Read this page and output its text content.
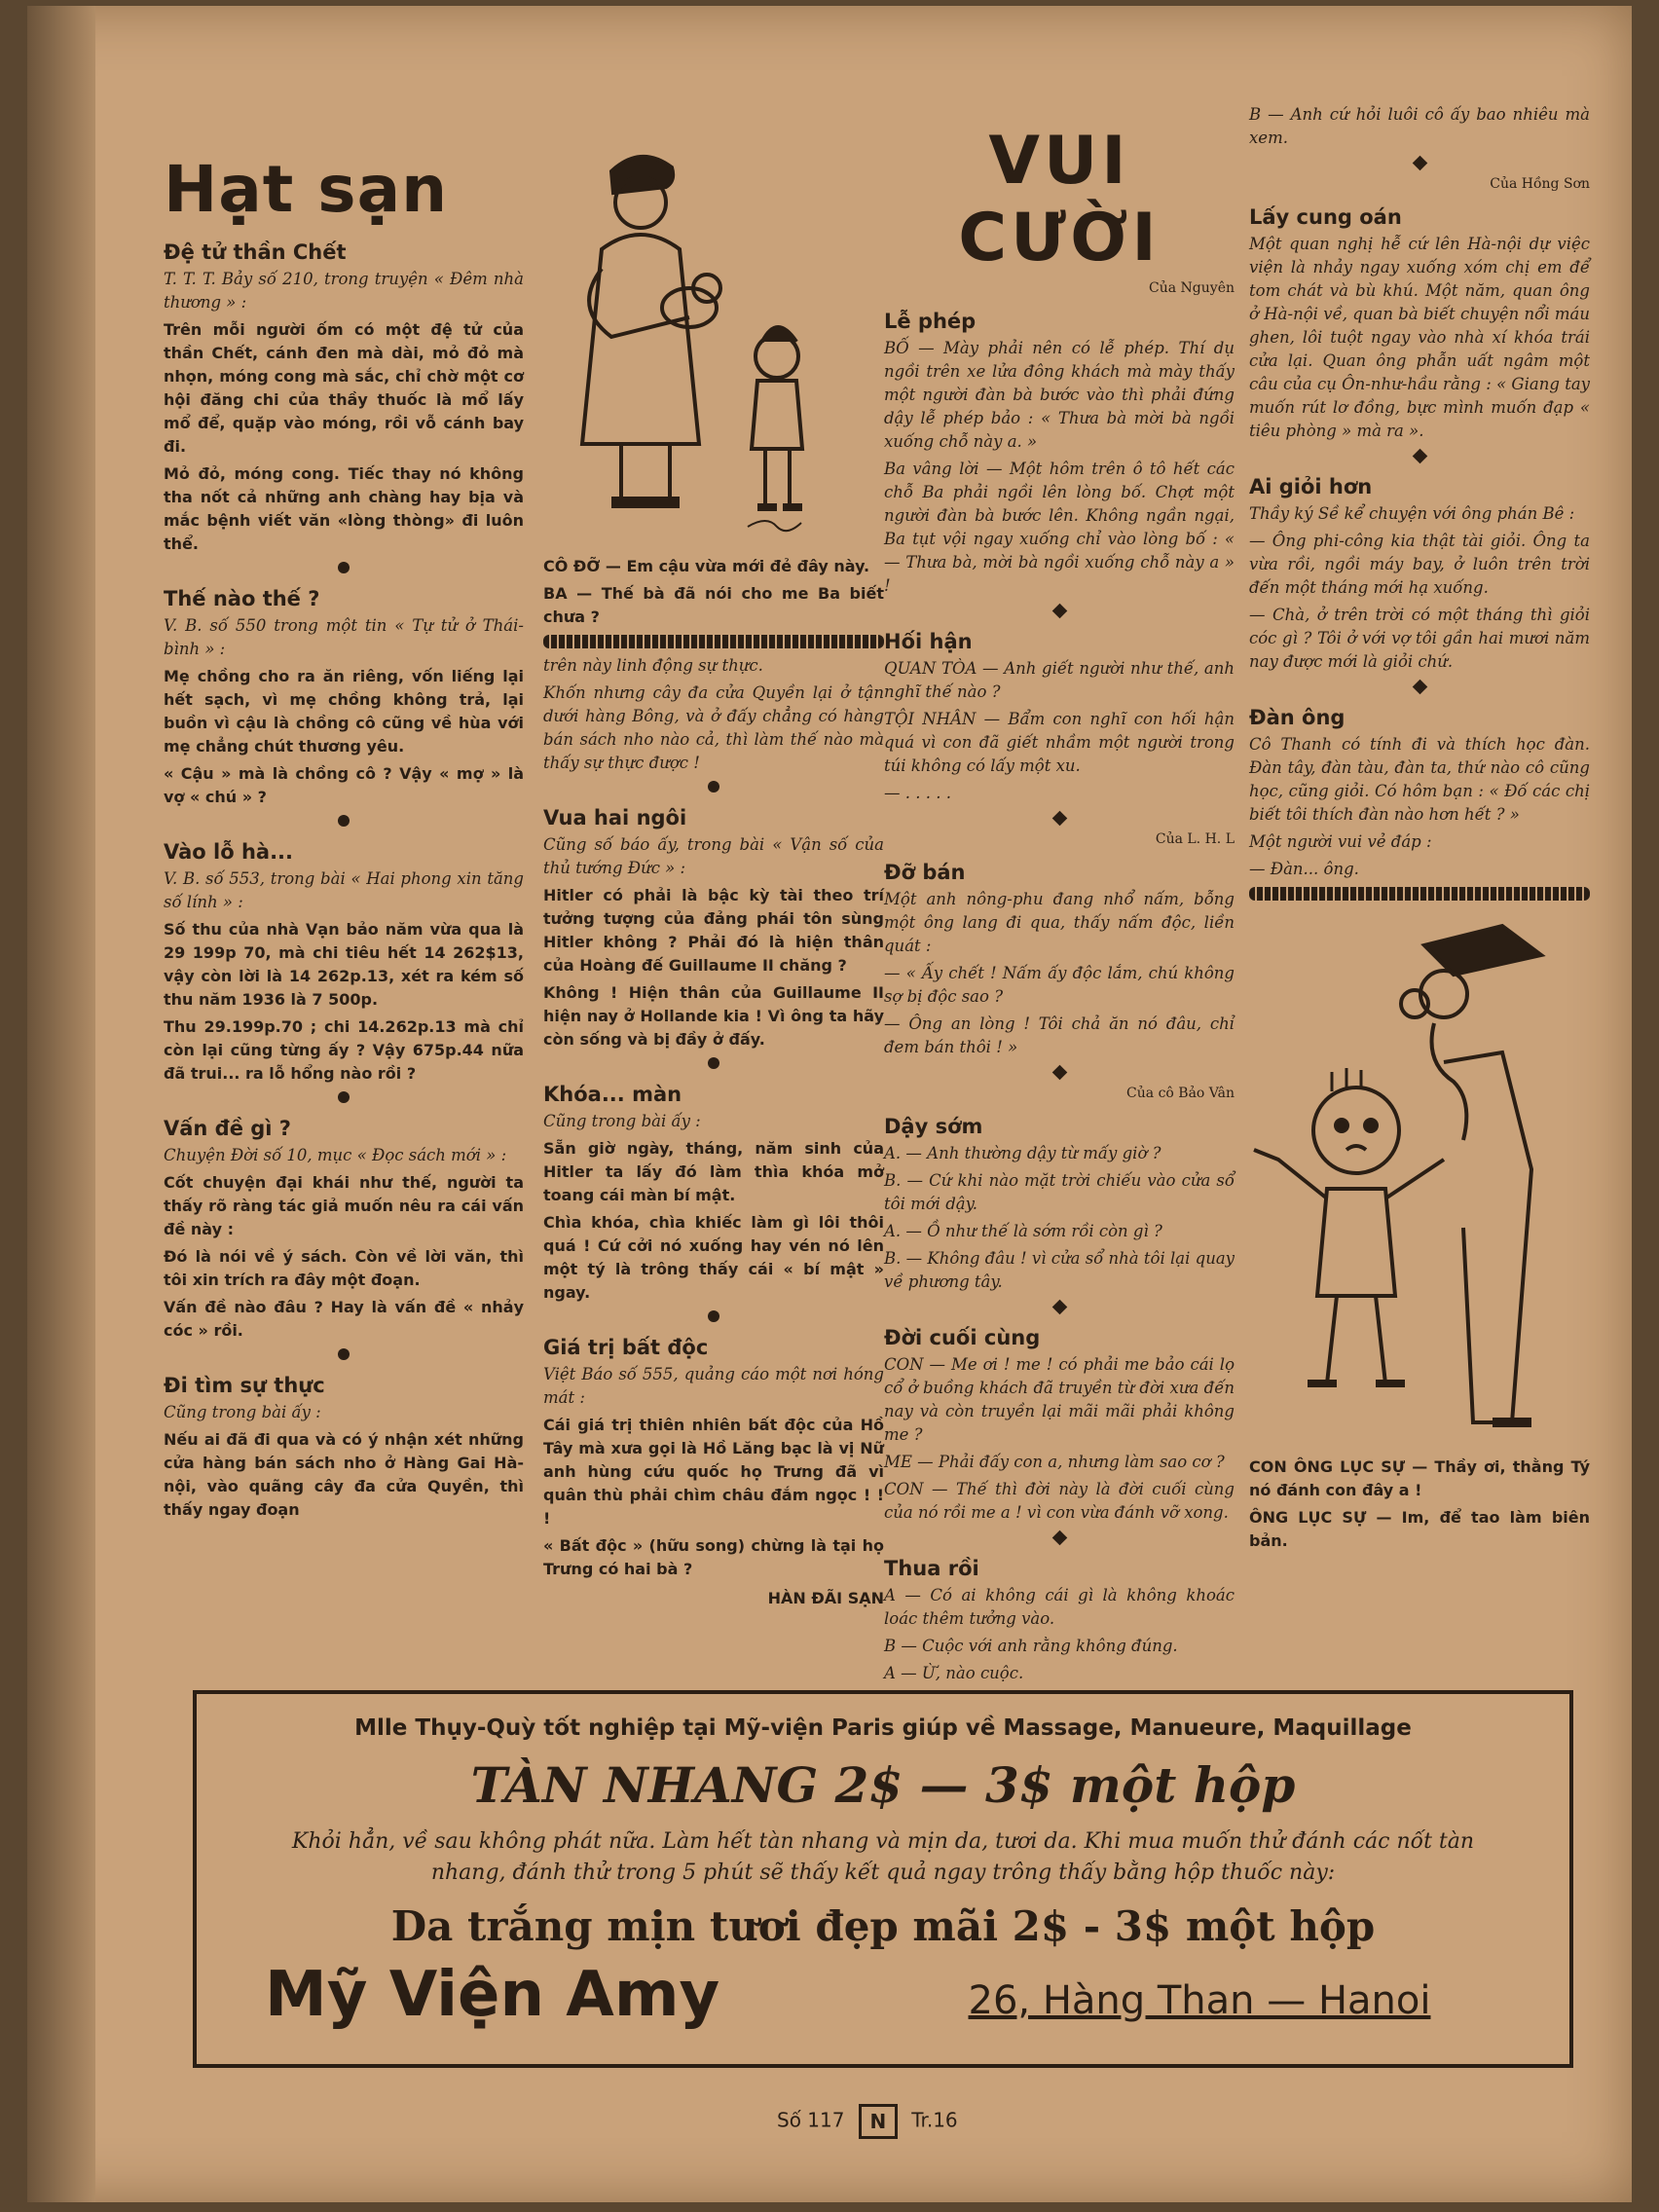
Hạt sạn
Đệ tử thần Chết

T. T. T. Bảy số 210, trong truyện « Đêm nhà thương » :

Trên mỗi người ốm có một đệ tử của thần Chết, cánh đen mà dài, mỏ đỏ mà nhọn, móng cong mà sắc, chỉ chờ một cơ hội đăng chi của thầy thuốc là mổ lấy mổ để, quặp vào móng, rồi vỗ cánh bay đi.

Mỏ đỏ, móng cong. Tiếc thay nó không tha nốt cả những anh chàng hay bịa và mắc bệnh viết văn «lòng thòng» đi luôn thể.

Thế nào thế ?

V. B. số 550 trong một tin « Tự tử ở Thái-bình » :

Mẹ chồng cho ra ăn riêng, vốn liếng lại hết sạch, vì mẹ chồng không trả, lại buồn vì cậu là chồng cô cũng về hùa với mẹ chẳng chút thương yêu.

« Cậu » mà là chồng cô ? Vậy « mợ » là vợ « chú » ?

Vào lỗ hà...

V. B. số 553, trong bài « Hai phong xin tăng số lính » :

Số thu của nhà Vạn bảo năm vừa qua là 29 199p 70, mà chi tiêu hết 14 262$13, vậy còn lời là 14 262p.13, xét ra kém số thu năm 1936 là 7 500p.

Thu 29.199p.70 ; chi 14.262p.13 mà chỉ còn lại cũng từng ấy ? Vậy 675p.44 nữa đã trui... ra lỗ hổng nào rồi ?

Vấn đề gì ?

Chuyện Đời số 10, mục « Đọc sách mới » :

Cốt chuyện đại khái như thế, người ta thấy rõ ràng tác giả muốn nêu ra cái vấn đề này :

Đó là nói về ý sách. Còn về lời văn, thì tôi xin trích ra đây một đoạn.

Vấn đề nào đâu ? Hay là vấn đề « nhảy cóc » rồi.

Đi tìm sự thực

Cũng trong bài ấy :

Nếu ai đã đi qua và có ý nhận xét những cửa hàng bán sách nho ở Hàng Gai Hà-nội, vào quãng cây đa cửa Quyền, thì thấy ngay đoạn

CÔ ĐỠ — Em cậu vừa mới đẻ đây này.

BA — Thế bà đã nói cho me Ba biết chưa ?

trên này linh động sự thực.

Khốn nhưng cây đa cửa Quyền lại ở tận dưới hàng Bông, và ở đấy chẳng có hàng bán sách nho nào cả, thì làm thế nào mà thấy sự thực được !

Vua hai ngôi

Cũng số báo ấy, trong bài « Vận số của thủ tướng Đức » :

Hitler có phải là bậc kỳ tài theo trí tưởng tượng của đảng phái tôn sùng Hitler không ? Phải đó là hiện thân của Hoàng đế Guillaume II chăng ?

Không ! Hiện thân của Guillaume II hiện nay ở Hollande kia ! Vì ông ta hãy còn sống và bị đầy ở đấy.

Khóa... màn

Cũng trong bài ấy :

Sẵn giờ ngày, tháng, năm sinh của Hitler ta lấy đó làm thìa khóa mở toang cái màn bí mật.

Chìa khóa, chìa khiếc làm gì lôi thôi quá ! Cứ cởi nó xuống hay vén nó lên một tý là trông thấy cái « bí mật » ngay.

Giá trị bất độc

Việt Báo số 555, quảng cáo một nơi hóng mát :

Cái giá trị thiên nhiên bất độc của Hồ Tây mà xưa gọi là Hồ Lăng bạc là vị Nữ anh hùng cứu quốc họ Trưng đã vì quân thù phải chìm châu đắm ngọc ! ! !

« Bất độc » (hữu song) chừng là tại họ Trưng có hai bà ?

HÀN ĐÃI SẠN

VUI CƯỜI
Của Nguyên
Lễ phép

BỐ — Mày phải nên có lễ phép. Thí dụ ngồi trên xe lửa đông khách mà mày thấy một người đàn bà bước vào thì phải đứng dậy lễ phép bảo : « Thưa bà mời bà ngồi xuống chỗ này a. »

Ba vâng lời — Một hôm trên ô tô hết các chỗ Ba phải ngồi lên lòng bố. Chợt một người đàn bà bước lên. Không ngần ngại, Ba tụt vội ngay xuống chỉ vào lòng bố : « — Thưa bà, mời bà ngồi xuống chỗ này a » !

Hối hận

QUAN TÒA — Anh giết người như thế, anh nghĩ thế nào ?

TỘI NHÂN — Bẩm con nghĩ con hối hận quá vì con đã giết nhầm một người trong túi không có lấy một xu.

— . . . . .

Của L. H. L
Đỡ bán

Một anh nông-phu đang nhổ nấm, bỗng một ông lang đi qua, thấy nấm độc, liền quát :

— « Ấy chết ! Nấm ấy độc lắm, chú không sợ bị độc sao ?

— Ông an lòng ! Tôi chả ăn nó đâu, chỉ đem bán thôi ! »

Của cô Bảo Vân
Dậy sớm

A. — Anh thường dậy từ mấy giờ ?

B. — Cứ khi nào mặt trời chiếu vào cửa sổ tôi mới dậy.

A. — Ồ như thế là sớm rồi còn gì ?

B. — Không đâu ! vì cửa sổ nhà tôi lại quay về phương tây.

Đời cuối cùng

CON — Me ơi ! me ! có phải me bảo cái lọ cổ ở buồng khách đã truyền từ đời xưa đến nay và còn truyền lại mãi mãi phải không me ?

ME — Phải đấy con a, nhưng làm sao cơ ?

CON — Thế thì đời này là đời cuối cùng của nó rồi me a ! vì con vừa đánh vỡ xong.

Thua rồi

A — Có ai không cái gì là không khoác loác thêm tưởng vào.

B — Cuộc với anh rằng không đúng.

A — Ừ, nào cuộc.

B — Anh cứ hỏi luôi cô ấy bao nhiêu mà xem.

Của Hồng Sơn
Lấy cung oán

Một quan nghị hễ cứ lên Hà-nội dự việc viện là nhảy ngay xuống xóm chị em để tom chát và bù khú. Một năm, quan ông ở Hà-nội về, quan bà biết chuyện nổi máu ghen, lôi tuột ngay vào nhà xí khóa trái cửa lại. Quan ông phẫn uất ngâm một câu của cụ Ôn-như-hầu rằng : « Giang tay muốn rút lơ đồng, bực mình muốn đạp « tiêu phòng » mà ra ».

Ai giỏi hơn

Thầy ký Sề kể chuyện với ông phán Bê :

— Ông phi-công kia thật tài giỏi. Ông ta vừa rồi, ngồi máy bay, ở luôn trên trời đến một tháng mới hạ xuống.

— Chà, ở trên trời có một tháng thì giỏi cóc gì ? Tôi ở với vợ tôi gần hai mươi năm nay được mới là giỏi chứ.

Đàn ông

Cô Thanh có tính đi và thích học đàn. Đàn tây, đàn tàu, đàn ta, thứ nào cô cũng học, cũng giỏi. Có hôm bạn : « Đố các chị biết tôi thích đàn nào hơn hết ? »

Một người vui vẻ đáp :

— Đàn... ông.

CON ÔNG LỤC SỰ — Thầy ơi, thằng Tý nó đánh con đây a !

ÔNG LỤC SỰ — Im, để tao làm biên bản.

Mlle Thụy-Quỳ tốt nghiệp tại Mỹ-viện Paris giúp về Massage, Manueure, Maquillage
TÀN NHANG 2$ — 3$ một hộp
Khỏi hẳn, về sau không phát nữa. Làm hết tàn nhang và mịn da, tươi da. Khi mua muốn thử đánh các nốt tàn nhang, đánh thử trong 5 phút sẽ thấy kết quả ngay trông thấy bằng hộp thuốc này:
Da trắng mịn tươi đẹp mãi 2$ - 3$ một hộp
Mỹ Viện Amy	26, Hàng Than — Hanoi
Số 117 N Tr.16
